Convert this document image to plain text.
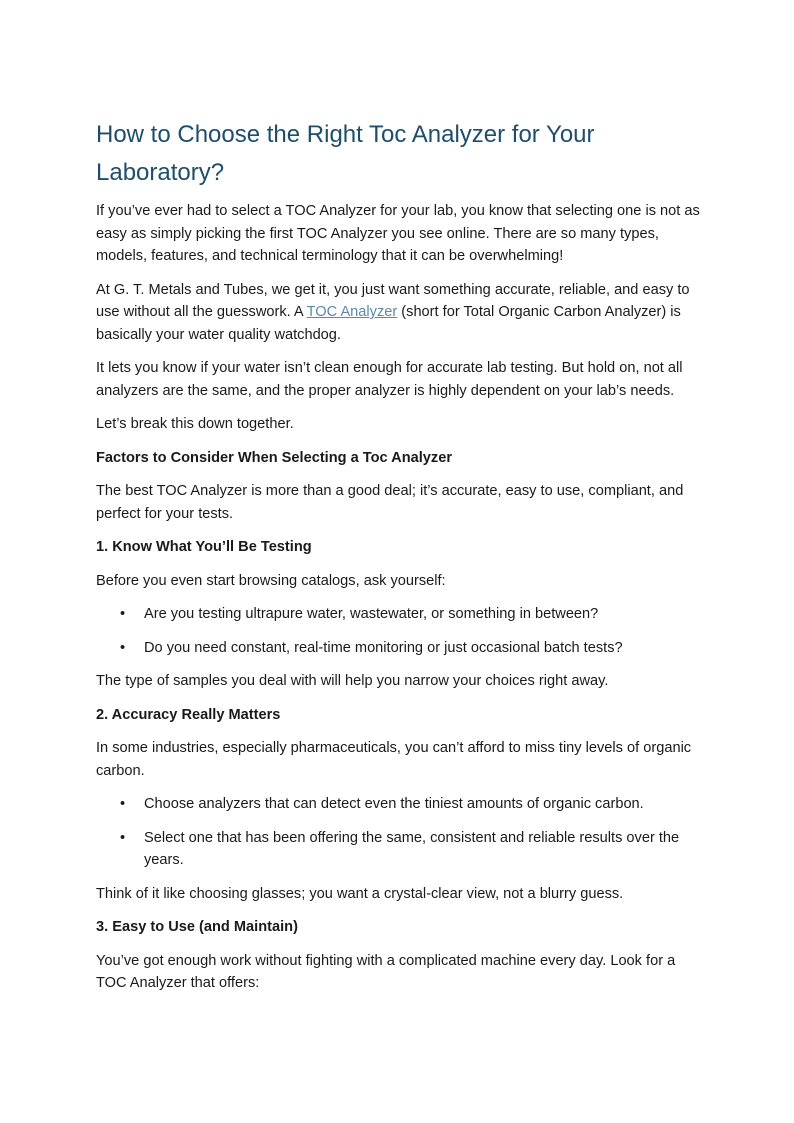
How to Choose the Right Toc Analyzer for Your Laboratory?

If you’ve ever had to select a TOC Analyzer for your lab, you know that selecting one is not as easy as simply picking the first TOC Analyzer you see online. There are so many types, models, features, and technical terminology that it can be overwhelming!

At G. T. Metals and Tubes, we get it, you just want something accurate, reliable, and easy to use without all the guesswork. A TOC Analyzer (short for Total Organic Carbon Analyzer) is basically your water quality watchdog.

It lets you know if your water isn’t clean enough for accurate lab testing. But hold on, not all analyzers are the same, and the proper analyzer is highly dependent on your lab’s needs.

Let’s break this down together.

Factors to Consider When Selecting a Toc Analyzer

The best TOC Analyzer is more than a good deal; it’s accurate, easy to use, compliant, and perfect for your tests.

1. Know What You’ll Be Testing

Before you even start browsing catalogs, ask yourself:

• Are you testing ultrapure water, wastewater, or something in between?
• Do you need constant, real-time monitoring or just occasional batch tests?

The type of samples you deal with will help you narrow your choices right away.

2. Accuracy Really Matters

In some industries, especially pharmaceuticals, you can’t afford to miss tiny levels of organic carbon.

• Choose analyzers that can detect even the tiniest amounts of organic carbon.
• Select one that has been offering the same, consistent and reliable results over the years.

Think of it like choosing glasses; you want a crystal-clear view, not a blurry guess.

3. Easy to Use (and Maintain)

You’ve got enough work without fighting with a complicated machine every day. Look for a TOC Analyzer that offers:
